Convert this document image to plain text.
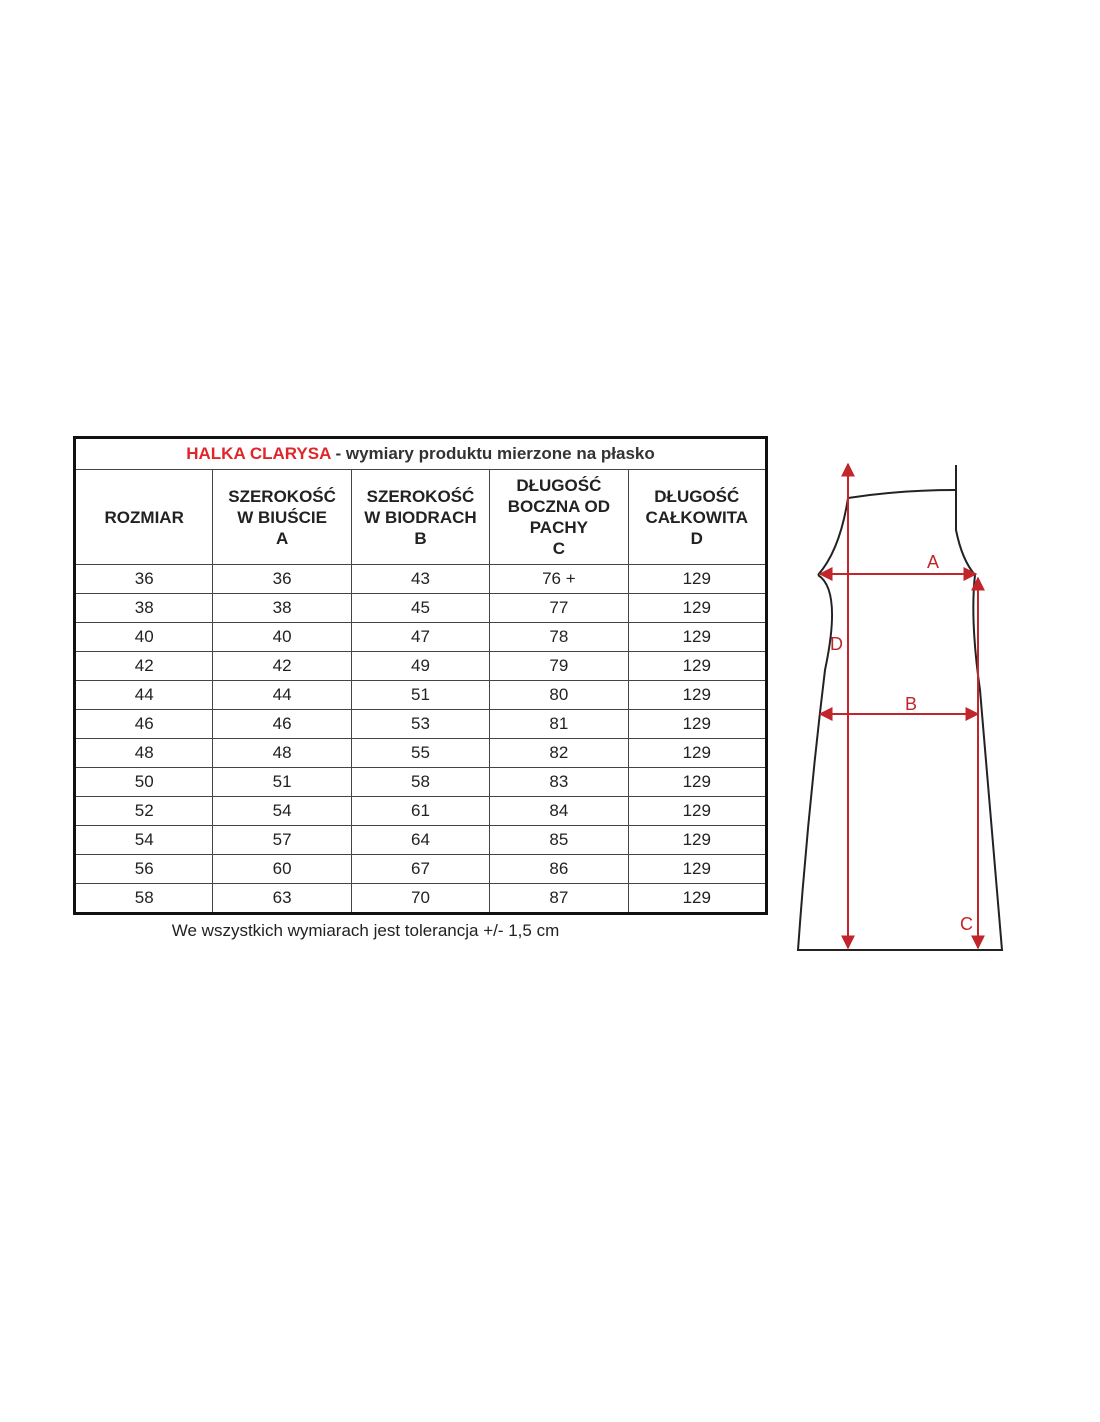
HALKA CLARYSA - wymiary produktu mierzone na płasko				

ROZMIAR	SZEROKOŚĆ
W BIUŚCIE
A	SZEROKOŚĆ
W BIODRACH
B	DŁUGOŚĆ
BOCZNA OD
PACHY
C	DŁUGOŚĆ
CAŁKOWITA
D

36	36	43	76 +	129
38	38	45	77	129
40	40	47	78	129
42	42	49	79	129
44	44	51	80	129
46	46	53	81	129
48	48	55	82	129
50	51	58	83	129
52	54	61	84	129
54	57	64	85	129
56	60	67	86	129
58	63	70	87	129
We wszystkich wymiarach jest tolerancja +/- 1,5 cm
A
B
C
D
